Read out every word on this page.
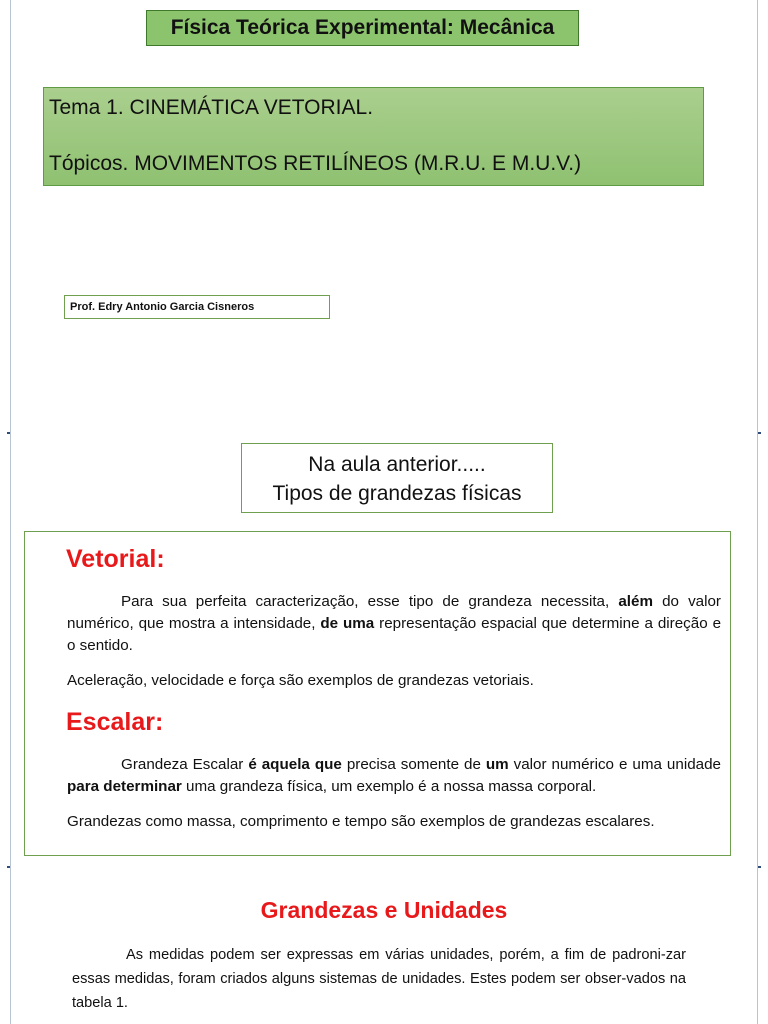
Física Teórica Experimental: Mecânica
Tema 1. CINEMÁTICA VETORIAL.
Tópicos. MOVIMENTOS RETILÍNEOS (M.R.U. E M.U.V.)
Prof. Edry Antonio Garcia Cisneros
Na aula anterior.....
Tipos de grandezas físicas
Vetorial:
Para sua perfeita caracterização, esse tipo de grandeza necessita, além do valor numérico, que mostra a intensidade, de uma representação espacial que determine a direção e o sentido.
Aceleração, velocidade e força são exemplos de grandezas vetoriais.
Escalar:
Grandeza Escalar é aquela que precisa somente de um valor numérico e uma unidade para determinar uma grandeza física, um exemplo é a nossa massa corporal.
Grandezas como massa, comprimento e tempo são exemplos de grandezas escalares.
Grandezas e Unidades
As medidas podem ser expressas em várias unidades, porém, a fim de padroni-zar essas medidas, foram criados alguns sistemas de unidades. Estes podem ser obser-vados na tabela 1.
